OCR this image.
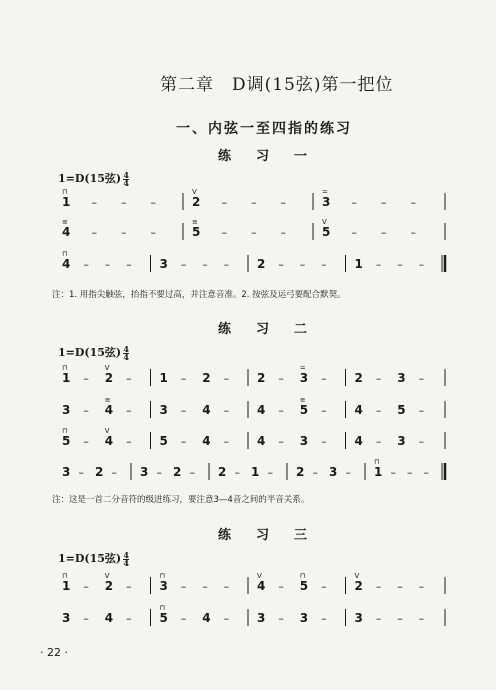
第二章　D调(15弦)第一把位
一、内弦一至四指的练习
练　习　一
1=D(15弦) $\frac{4}{4}$
注：1. 用指尖触弦，抬指不要过高，并注意音准。2. 按弦及运弓要配合默契。
练　习　二
1=D(15弦) $\frac{4}{4}$
注：这是一首二分音符的级进练习，要注意3—4音之间的半音关系。
练　习　三
1=D(15弦) $\frac{4}{4}$
· 22 ·
1
⊓
– – –	2
V
– – –	3
=
– – –
4
≡
– – –	5
≡
– – –	5
V
– – –
4
⊓
– – – 3 – – – 2 – – – 1 – – –
1
⊓
– 2
V
– 1 – 2 – 2 – 3
=
– 2 – 3 –
3 – 4
≡
– 3 – 4 – 4 – 5
≡
– 4 – 5 –
5
⊓
– 4
V
– 5 – 4 – 4 – 3 – 4 – 3 –
3 – 2 – 3 – 2 – 2 – 1 – 2 – 3 – 1
⊓
– – –
1
⊓
– 2
V
– 3
⊓
– – – 4
V
– 5
⊓
– 2
V
– – –
3 – 4 – 5
⊓
– 4 – 3 – 3 – 3 – – –
